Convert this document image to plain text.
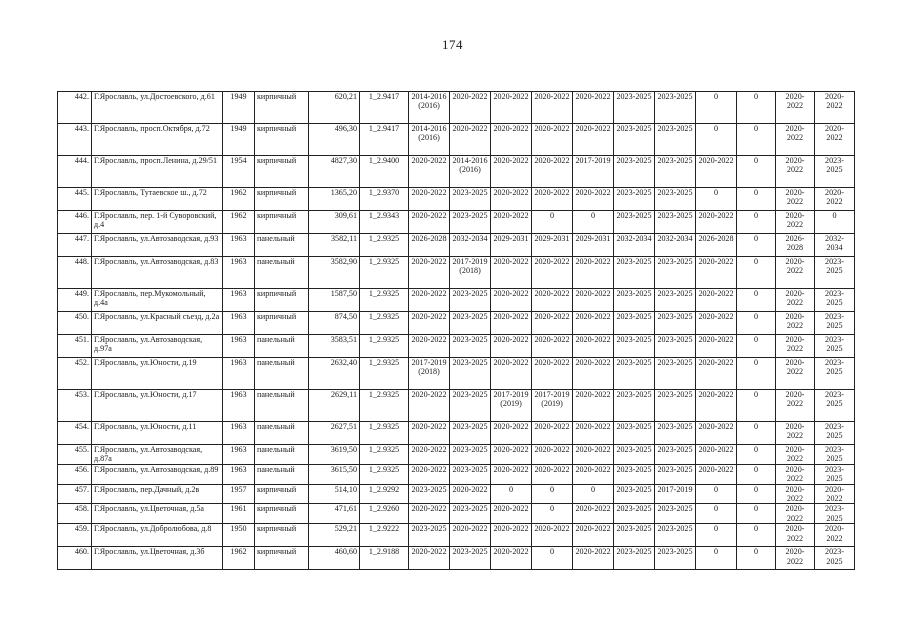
174
442.	Г.Ярославль, ул.Достоевского, д.61	1949	кирпичный	620,21	1_2.9417	2014-2016 (2016)	2020-2022	2020-2022	2020-2022	2020-2022	2023-2025	2023-2025	0	0	2020-2022	2020-2022
443.	Г.Ярославль, просп.Октября, д.72	1949	кирпичный	496,30	1_2.9417	2014-2016 (2016)	2020-2022	2020-2022	2020-2022	2020-2022	2023-2025	2023-2025	0	0	2020-2022	2020-2022
444.	Г.Ярославль, просп.Ленина, д.29/51	1954	кирпичный	4827,30	1_2.9400	2020-2022	2014-2016 (2016)	2020-2022	2020-2022	2017-2019	2023-2025	2023-2025	2020-2022	0	2020-2022	2023-2025
445.	Г.Ярославль, Тутаевское ш., д.72	1962	кирпичный	1365,20	1_2.9370	2020-2022	2023-2025	2020-2022	2020-2022	2020-2022	2023-2025	2023-2025	0	0	2020-2022	2020-2022
446.	Г.Ярославль, пер. 1-й Суворовский, д.4	1962	кирпичный	309,61	1_2.9343	2020-2022	2023-2025	2020-2022	0	0	2023-2025	2023-2025	2020-2022	0	2020-2022	0
447.	Г.Ярославль, ул.Автозаводская, д.93	1963	панельный	3582,11	1_2.9325	2026-2028	2032-2034	2029-2031	2029-2031	2029-2031	2032-2034	2032-2034	2026-2028	0	2026-2028	2032-2034
448.	Г.Ярославль, ул.Автозаводская, д.83	1963	панельный	3582,90	1_2.9325	2020-2022	2017-2019 (2018)	2020-2022	2020-2022	2020-2022	2023-2025	2023-2025	2020-2022	0	2020-2022	2023-2025
449.	Г.Ярославль, пер.Мукомольный, д.4а	1963	кирпичный	1587,50	1_2.9325	2020-2022	2023-2025	2020-2022	2020-2022	2020-2022	2023-2025	2023-2025	2020-2022	0	2020-2022	2023-2025
450.	Г.Ярославль, ул.Красный съезд, д.2а	1963	кирпичный	874,50	1_2.9325	2020-2022	2023-2025	2020-2022	2020-2022	2020-2022	2023-2025	2023-2025	2020-2022	0	2020-2022	2023-2025
451.	Г.Ярославль, ул.Автозаводская, д.97а	1963	панельный	3583,51	1_2.9325	2020-2022	2023-2025	2020-2022	2020-2022	2020-2022	2023-2025	2023-2025	2020-2022	0	2020-2022	2023-2025
452.	Г.Ярославль, ул.Юности, д.19	1963	панельный	2632,40	1_2.9325	2017-2019 (2018)	2023-2025	2020-2022	2020-2022	2020-2022	2023-2025	2023-2025	2020-2022	0	2020-2022	2023-2025
453.	Г.Ярославль, ул.Юности, д.17	1963	панельный	2629,11	1_2.9325	2020-2022	2023-2025	2017-2019 (2019)	2017-2019 (2019)	2020-2022	2023-2025	2023-2025	2020-2022	0	2020-2022	2023-2025
454.	Г.Ярославль, ул.Юности, д.11	1963	панельный	2627,51	1_2.9325	2020-2022	2023-2025	2020-2022	2020-2022	2020-2022	2023-2025	2023-2025	2020-2022	0	2020-2022	2023-2025
455.	Г.Ярославль, ул.Автозаводская, д.87а	1963	панельный	3619,50	1_2.9325	2020-2022	2023-2025	2020-2022	2020-2022	2020-2022	2023-2025	2023-2025	2020-2022	0	2020-2022	2023-2025
456.	Г.Ярославль, ул.Автозаводская, д.89	1963	панельный	3615,50	1_2.9325	2020-2022	2023-2025	2020-2022	2020-2022	2020-2022	2023-2025	2023-2025	2020-2022	0	2020-2022	2023-2025
457.	Г.Ярославль, пер.Дачный, д.2в	1957	кирпичный	514,10	1_2.9292	2023-2025	2020-2022	0	0	0	2023-2025	2017-2019	0	0	2020-2022	2020-2022
458.	Г.Ярославль, ул.Цветочная, д.5а	1961	кирпичный	471,61	1_2.9260	2020-2022	2023-2025	2020-2022	0	2020-2022	2023-2025	2023-2025	0	0	2020-2022	2023-2025
459.	Г.Ярославль, ул.Добролюбова, д.8	1950	кирпичный	529,21	1_2.9222	2023-2025	2020-2022	2020-2022	2020-2022	2020-2022	2023-2025	2023-2025	0	0	2020-2022	2020-2022
460.	Г.Ярославль, ул.Цветочная, д.3б	1962	кирпичный	460,60	1_2.9188	2020-2022	2023-2025	2020-2022	0	2020-2022	2023-2025	2023-2025	0	0	2020-2022	2023-2025
